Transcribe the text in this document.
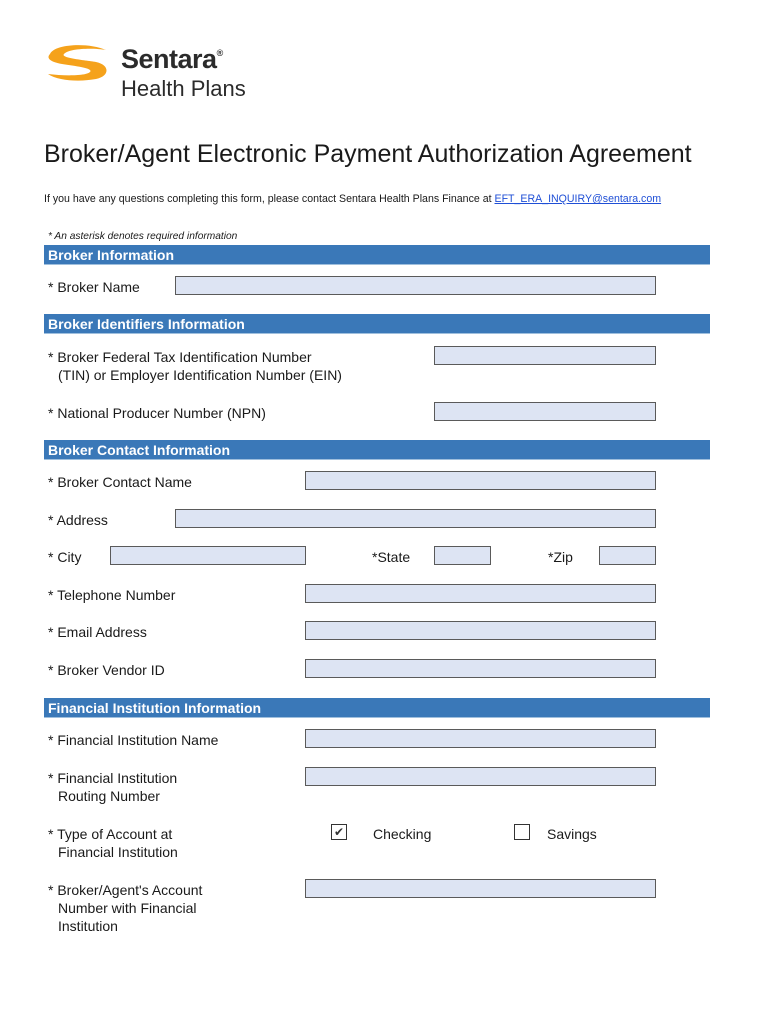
Sentara®
Health Plans
Broker/Agent Electronic Payment Authorization Agreement
If you have any questions completing this form, please contact Sentara Health Plans Finance at EFT_ERA_INQUIRY@sentara.com
* An asterisk denotes required information
Broker Information
* Broker Name
Broker Identifiers Information
* Broker Federal Tax Identification Number
(TIN) or Employer Identification Number (EIN)
* National Producer Number (NPN)
Broker Contact Information
* Broker Contact Name
* Address
* City	*State	*Zip
* Telephone Number
* Email Address
* Broker Vendor ID
Financial Institution Information
* Financial Institution Name
* Financial Institution
Routing Number
* Type of Account at
Financial Institution
✔ Checking	Savings
* Broker/Agent's Account
Number with Financial
Institution
